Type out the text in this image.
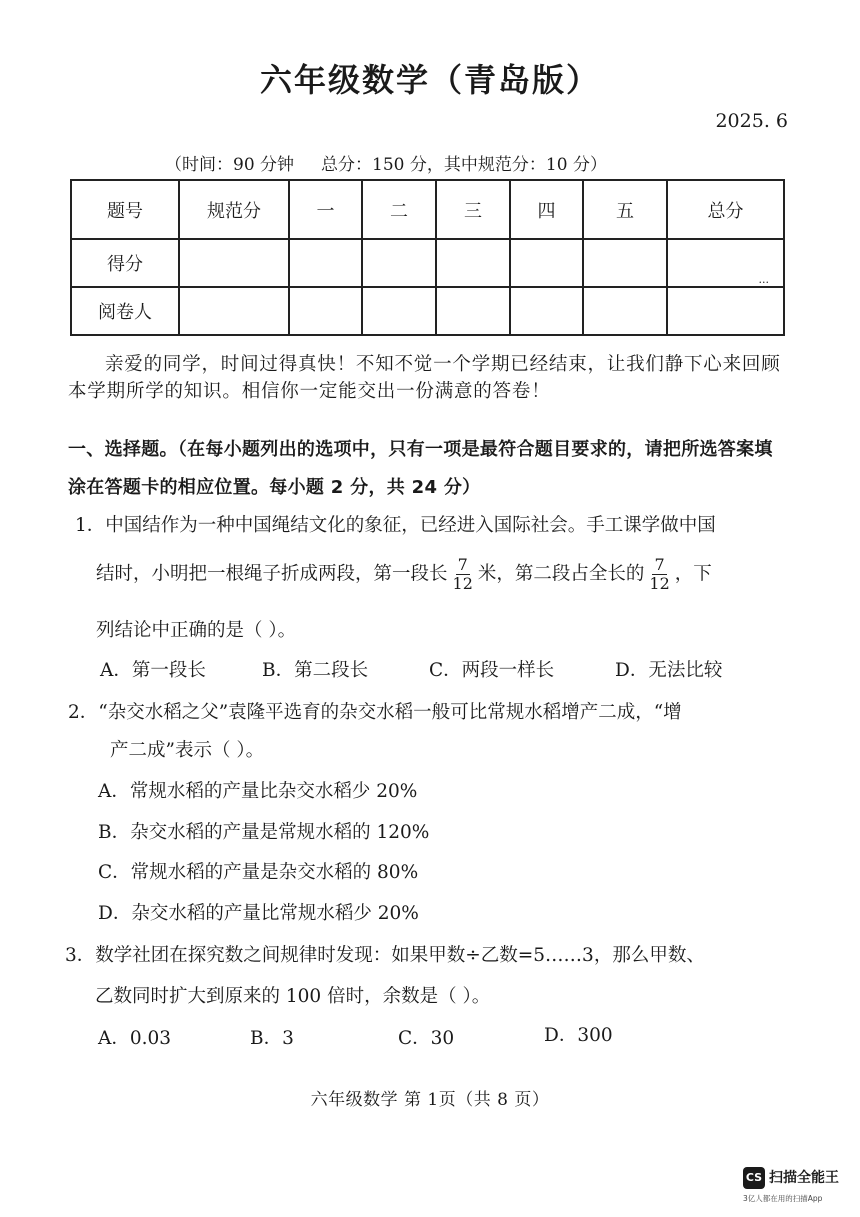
六年级数学（青岛版）
2025. 6
（时间：90 分钟     总分：150 分，其中规范分：10 分）
题号	规范分	一	二	三	四	五	总分
得分							...
阅卷人							
亲爱的同学，时间过得真快！不知不觉一个学期已经结束，让我们静下心来回顾本学期所学的知识。相信你一定能交出一份满意的答卷！
一、选择题。（在每小题列出的选项中，只有一项是最符合题目要求的，请把所选答案填涂在答题卡的相应位置。每小题 2 分，共 24 分）
1．中国结作为一种中国绳结文化的象征，已经进入国际社会。手工课学做中国
结时，小明把一根绳子折成两段，第一段长 $\frac{7}{12}$ 米，第二段占全长的 $\frac{7}{12}$ ，下
列结论中正确的是（ ）。
A．第一段长	B．第二段长	C．两段一样长	D．无法比较
2．“杂交水稻之父”袁隆平选育的杂交水稻一般可比常规水稻增产二成，“增
产二成”表示（ ）。
A．常规水稻的产量比杂交水稻少 20%
B．杂交水稻的产量是常规水稻的 120%
C．常规水稻的产量是杂交水稻的 80%
D．杂交水稻的产量比常规水稻少 20%
3．数学社团在探究数之间规律时发现：如果甲数÷乙数=5……3，那么甲数、
乙数同时扩大到原来的 100 倍时，余数是（ ）。
A．0.03	B．3	C．30	D．300
六年级数学 第 1页（共 8 页）
CS 扫描全能王
3亿人都在用的扫描App
